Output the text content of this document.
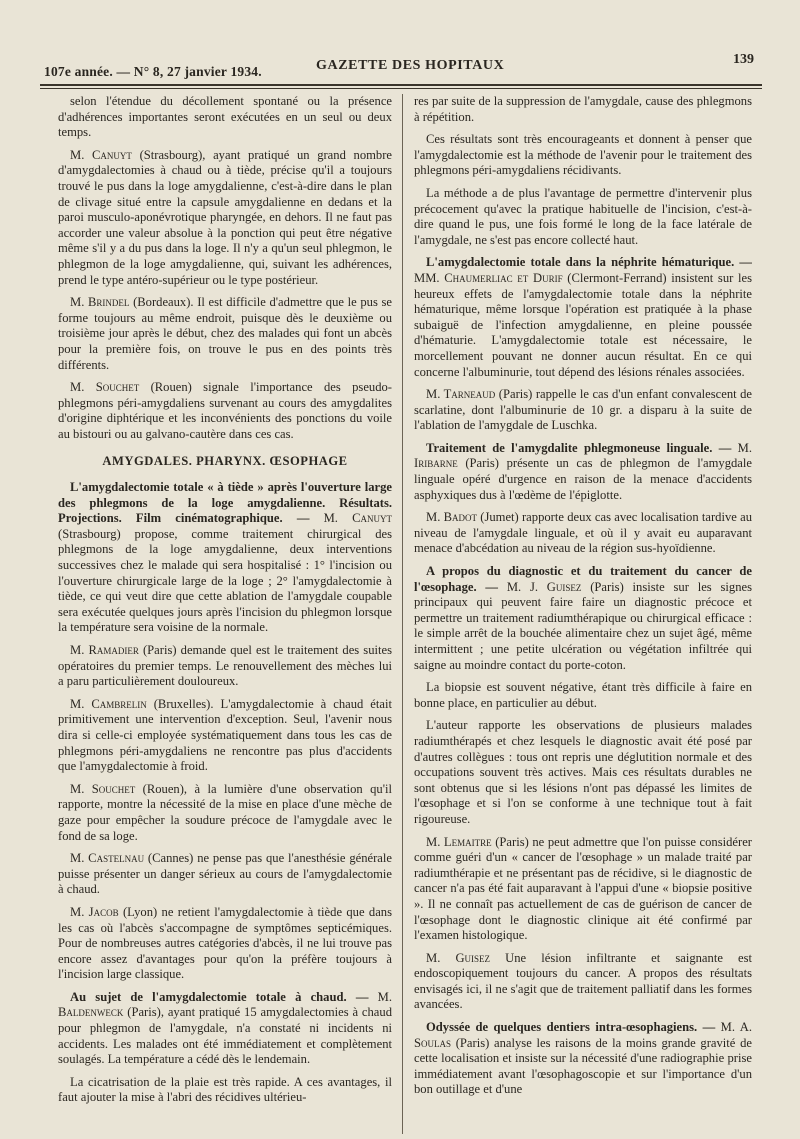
107e année. — N° 8, 27 janvier 1934.	GAZETTE DES HOPITAUX	139

selon l'étendue du décollement spontané ou la présence d'adhérences importantes seront exécutées en un seul ou deux temps.

M. Canuyt (Strasbourg), ayant pratiqué un grand nombre d'amygdalectomies à chaud ou à tiède, précise qu'il a toujours trouvé le pus dans la loge amygdalienne, c'est-à-dire dans le plan de clivage situé entre la capsule amygdalienne en dedans et la paroi musculo-aponévrotique pharyngée, en dehors. Il ne faut pas accorder une valeur absolue à la ponction qui peut être négative même s'il y a du pus dans la loge. Il n'y a qu'un seul phlegmon, le phlegmon de la loge amygdalienne, qui, suivant les adhérences, prend le type antéro-supérieur ou le type postérieur.

M. Brindel (Bordeaux). Il est difficile d'admettre que le pus se forme toujours au même endroit, puisque dès le deuxième ou troisième jour après le début, chez des malades qui font un abcès pour la première fois, on trouve le pus en des points très différents.

M. Souchet (Rouen) signale l'importance des pseudo-phlegmons péri-amygdaliens survenant au cours des amygdalites d'origine diphtérique et les inconvénients des ponctions du voile au bistouri ou au galvano-cautère dans ces cas.

AMYGDALES. PHARYNX. ŒSOPHAGE

L'amygdalectomie totale « à tiède » après l'ouverture large des phlegmons de la loge amygdalienne. Résultats. Projections. Film cinématographique. — M. Canuyt (Strasbourg) propose, comme traitement chirurgical des phlegmons de la loge amygdalienne, deux interventions successives chez le malade qui sera hospitalisé : 1° l'incision ou l'ouverture chirurgicale large de la loge ; 2° l'amygdalectomie à tiède, ce qui veut dire que cette ablation de l'amygdale coupable sera exécutée quelques jours après l'incision du phlegmon lorsque la température sera voisine de la normale.

M. Ramadier (Paris) demande quel est le traitement des suites opératoires du premier temps. Le renouvellement des mèches lui a paru particulièrement douloureux.

M. Cambrelin (Bruxelles). L'amygdalectomie à chaud était primitivement une intervention d'exception. Seul, l'avenir nous dira si celle-ci employée systématiquement dans tous les cas de phlegmons péri-amygdaliens ne rencontre pas plus d'accidents que l'amygdalectomie à froid.

M. Souchet (Rouen), à la lumière d'une observation qu'il rapporte, montre la nécessité de la mise en place d'une mèche de gaze pour empêcher la soudure précoce de l'amygdale avec le fond de sa loge.

M. Castelnau (Cannes) ne pense pas que l'anesthésie générale puisse présenter un danger sérieux au cours de l'amygdalectomie à chaud.

M. Jacob (Lyon) ne retient l'amygdalectomie à tiède que dans les cas où l'abcès s'accompagne de symptômes septicémiques. Pour de nombreuses autres catégories d'abcès, il ne lui trouve pas encore assez d'avantages pour qu'on la préfère toujours à l'incision large classique.

Au sujet de l'amygdalectomie totale à chaud. — M. Baldenweck (Paris), ayant pratiqué 15 amygdalectomies à chaud pour phlegmon de l'amygdale, n'a constaté ni incidents ni accidents. Les malades ont été immédiatement et complètement soulagés. La température a cédé dès le lendemain.

La cicatrisation de la plaie est très rapide. A ces avantages, il faut ajouter la mise à l'abri des récidives ultérieu-

res par suite de la suppression de l'amygdale, cause des phlegmons à répétition.

Ces résultats sont très encourageants et donnent à penser que l'amygdalectomie est la méthode de l'avenir pour le traitement des phlegmons péri-amygdaliens récidivants.

La méthode a de plus l'avantage de permettre d'intervenir plus précocement qu'avec la pratique habituelle de l'incision, c'est-à-dire quand le pus, une fois formé le long de la face latérale de l'amygdale, ne s'est pas encore collecté haut.

L'amygdalectomie totale dans la néphrite hématurique. — MM. Chaumerliac et Durif (Clermont-Ferrand) insistent sur les heureux effets de l'amygdalectomie totale dans la néphrite hématurique, même lorsque l'opération est pratiquée à la phase subaiguë de l'infection amygdalienne, en pleine poussée d'hématurie. L'amygdalectomie totale est nécessaire, le morcellement pouvant ne donner aucun résultat. En ce qui concerne l'albuminurie, tout dépend des lésions rénales associées.

M. Tarneaud (Paris) rappelle le cas d'un enfant convalescent de scarlatine, dont l'albuminurie de 10 gr. a disparu à la suite de l'ablation de l'amygdale de Luschka.

Traitement de l'amygdalite phlegmoneuse linguale. — M. Iribarne (Paris) présente un cas de phlegmon de l'amygdale linguale opéré d'urgence en raison de la menace d'accidents asphyxiques dus à l'œdème de l'épiglotte.

M. Badot (Jumet) rapporte deux cas avec localisation tardive au niveau de l'amygdale linguale, et où il y avait eu auparavant menace d'abcédation au niveau de la région sus-hyoïdienne.

A propos du diagnostic et du traitement du cancer de l'œsophage. — M. J. Guisez (Paris) insiste sur les signes principaux qui peuvent faire faire un diagnostic précoce et permettre un traitement radiumthérapique ou chirurgical efficace : le simple arrêt de la bouchée alimentaire chez un sujet âgé, même intermittent ; une petite ulcération ou végétation infiltrée qui saigne au moindre contact du porte-coton.

La biopsie est souvent négative, étant très difficile à faire en bonne place, en particulier au début.

L'auteur rapporte les observations de plusieurs malades radiumthérapés et chez lesquels le diagnostic avait été posé par d'autres collègues : tous ont repris une déglutition normale et des occupations souvent très actives. Mais ces résultats durables ne sont obtenus que si les lésions n'ont pas dépassé les limites de l'œsophage et si l'on se conforme à une technique tout à fait rigoureuse.

M. Lemaitre (Paris) ne peut admettre que l'on puisse considérer comme guéri d'un « cancer de l'œsophage » un malade traité par radiumthérapie et ne présentant pas de récidive, si le diagnostic de cancer n'a pas été fait auparavant à l'appui d'une « biopsie positive ». Il ne connaît pas actuellement de cas de guérison de cancer de l'œsophage dont le diagnostic clinique ait été confirmé par l'examen histologique.

M. Guisez Une lésion infiltrante et saignante est endoscopiquement toujours du cancer. A propos des résultats envisagés ici, il ne s'agit que de traitement palliatif dans les formes avancées.

Odyssée de quelques dentiers intra-œsophagiens. — M. A. Soulas (Paris) analyse les raisons de la moins grande gravité de cette localisation et insiste sur la nécessité d'une radiographie prise immédiatement avant l'œsophagoscopie et sur l'importance d'un bon outillage et d'une
